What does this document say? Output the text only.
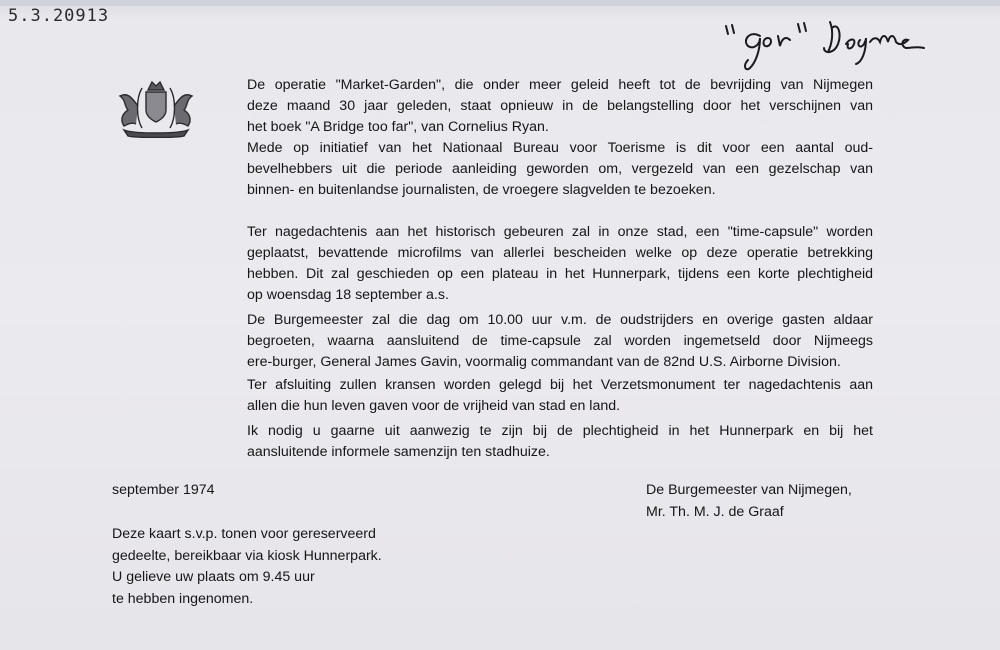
5.3.20913
De operatie "Market-Garden", die onder meer geleid heeft tot de bevrijding van Nijmegen
deze maand 30 jaar geleden, staat opnieuw in de belangstelling door het verschijnen van
het boek "A Bridge too far", van Cornelius Ryan.
Mede op initiatief van het Nationaal Bureau voor Toerisme is dit voor een aantal oud-
bevelhebbers uit die periode aanleiding geworden om, vergezeld van een gezelschap van
binnen- en buitenlandse journalisten, de vroegere slagvelden te bezoeken.
Ter nagedachtenis aan het historisch gebeuren zal in onze stad, een "time-capsule" worden
geplaatst, bevattende microfilms van allerlei bescheiden welke op deze operatie betrekking
hebben. Dit zal geschieden op een plateau in het Hunnerpark, tijdens een korte plechtigheid
op woensdag 18 september a.s.
De Burgemeester zal die dag om 10.00 uur v.m. de oudstrijders en overige gasten aldaar
begroeten, waarna aansluitend de time-capsule zal worden ingemetseld door Nijmeegs
ere-burger, General James Gavin, voormalig commandant van de 82nd U.S. Airborne Division.
Ter afsluiting zullen kransen worden gelegd bij het Verzetsmonument ter nagedachtenis aan
allen die hun leven gaven voor de vrijheid van stad en land.
Ik nodig u gaarne uit aanwezig te zijn bij de plechtigheid in het Hunnerpark en bij het
aansluitende informele samenzijn ten stadhuize.
september 1974	De Burgemeester van Nijmegen,
Mr. Th. M. J. de Graaf
Deze kaart s.v.p. tonen voor gereserveerd
gedeelte, bereikbaar via kiosk Hunnerpark.
U gelieve uw plaats om 9.45 uur
te hebben ingenomen.
